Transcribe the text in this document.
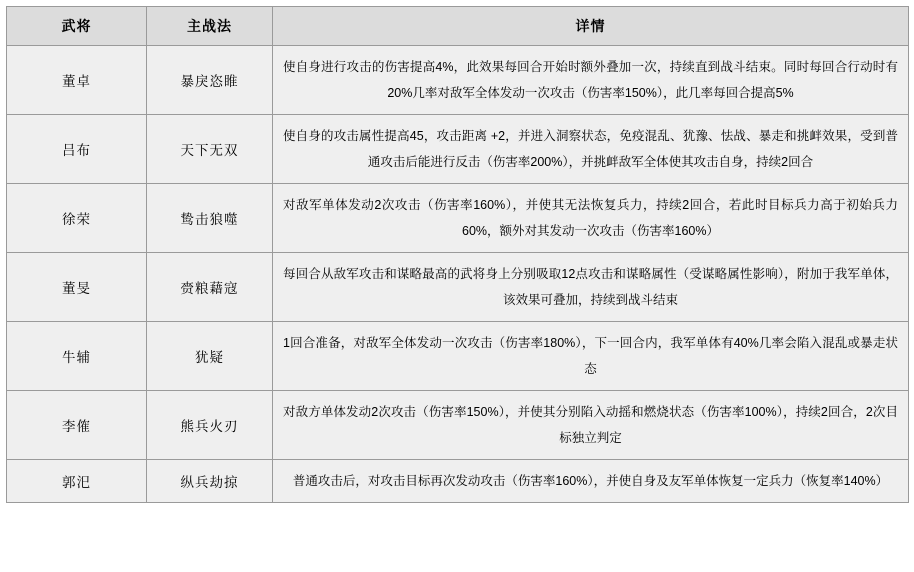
武将	主战法	详情
董卓	暴戾恣睢	使自身进行攻击的伤害提高4%，此效果每回合开始时额外叠加一次，持续直到战斗结束。同时每回合行动时有20%几率对敌军全体发动一次攻击（伤害率150%），此几率每回合提高5%
吕布	天下无双	使自身的攻击属性提高45，攻击距离 +2，并进入洞察状态，免疫混乱、犹豫、怯战、暴走和挑衅效果，受到普通攻击后能进行反击（伤害率200%），并挑衅敌军全体使其攻击自身，持续2回合
徐荣	鸷击狼噬	对敌军单体发动2次攻击（伤害率160%），并使其无法恢复兵力，持续2回合，若此时目标兵力高于初始兵力60%，额外对其发动一次攻击（伤害率160%）
董旻	赍粮藉寇	每回合从敌军攻击和谋略最高的武将身上分别吸取12点攻击和谋略属性（受谋略属性影响），附加于我军单体，该效果可叠加，持续到战斗结束
牛辅	犹疑	1回合准备，对敌军全体发动一次攻击（伤害率180%），下一回合内，我军单体有40%几率会陷入混乱或暴走状态
李傕	熊兵火刃	对敌方单体发动2次攻击（伤害率150%），并使其分别陷入动摇和燃烧状态（伤害率100%），持续2回合，2次目标独立判定
郭汜	纵兵劫掠	普通攻击后，对攻击目标再次发动攻击（伤害率160%），并使自身及友军单体恢复一定兵力（恢复率140%）
